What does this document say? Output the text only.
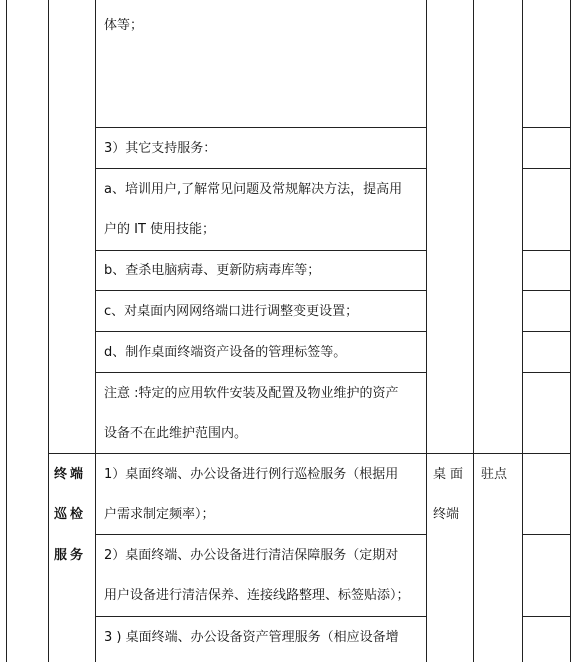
体等；
3）其它支持服务：
a、培训用户,了解常见问题及常规解决方法，提高用
户的 IT 使用技能；
b、查杀电脑病毒、更新防病毒库等；
c、对桌面内网网络端口进行调整变更设置；
d、制作桌面终端资产设备的管理标签等。
注意 :特定的应用软件安装及配置及物业维护的资产
设备不在此维护范围内。
1）桌面终端、办公设备进行例行巡检服务（根据用
户需求制定频率）；
2）桌面终端、办公设备进行清洁保障服务（定期对
用户设备进行清洁保养、连接线路整理、标签贴添）；
3 ) 桌面终端、办公设备资产管理服务（相应设备增
终端
巡检
服务
桌面
终端
驻点
